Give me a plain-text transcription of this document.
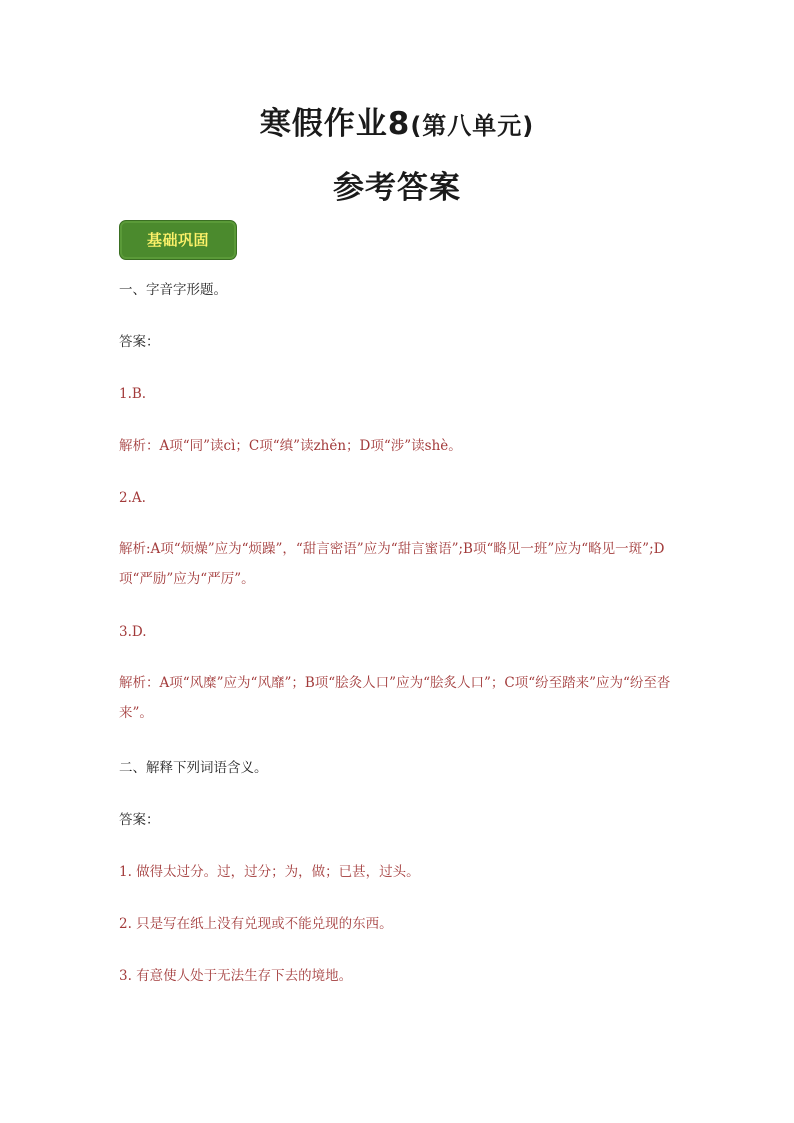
寒假作业8(第八单元)
参考答案
基础巩固
一、字音字形题。
答案：
1.B.
解析：A项“同”读cì；C项“缜”读zhěn；D项“涉”读shè。
2.A.
解析:A项“烦燥”应为“烦躁”，“甜言密语”应为“甜言蜜语”;B项“略见一班”应为“略见一斑”;D项“严励”应为“严厉”。
3.D.
解析：A项“风糜”应为“风靡”；B项“脍灸人口”应为“脍炙人口”；C项“纷至踏来”应为“纷至沓来”。
二、解释下列词语含义。
答案：
1. 做得太过分。过，过分；为，做；已甚，过头。
2. 只是写在纸上没有兑现或不能兑现的东西。
3. 有意使人处于无法生存下去的境地。
